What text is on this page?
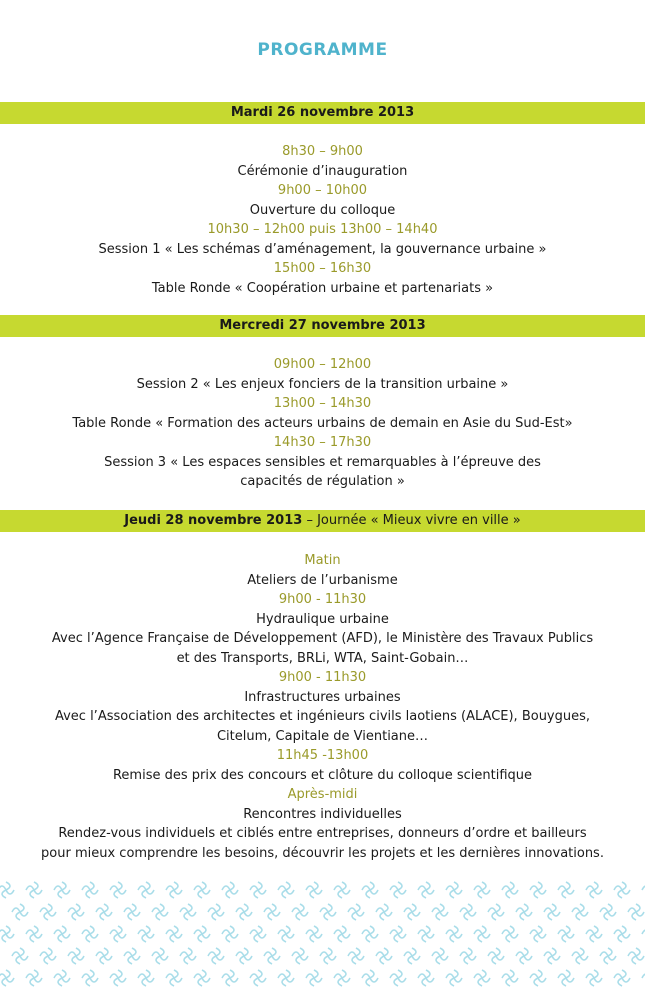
PROGRAMME
Mardi 26 novembre 2013
8h30 – 9h00
Cérémonie d’inauguration
9h00 – 10h00
Ouverture du colloque
10h30 – 12h00 puis 13h00 – 14h40
Session 1 « Les schémas d’aménagement, la gouvernance urbaine »
15h00 – 16h30
Table Ronde « Coopération urbaine et partenariats »
Mercredi 27 novembre 2013
09h00 – 12h00
Session 2 « Les enjeux fonciers de la transition urbaine »
13h00 – 14h30
Table Ronde « Formation des acteurs urbains de demain en Asie du Sud-Est»
14h30 – 17h30
Session 3 « Les espaces sensibles et remarquables à l’épreuve des
capacités de régulation »
Jeudi 28 novembre 2013 – Journée « Mieux vivre en ville »
Matin
Ateliers de l’urbanisme
9h00 - 11h30
Hydraulique urbaine
Avec l’Agence Française de Développement (AFD), le Ministère des Travaux Publics
et des Transports, BRLi, WTA, Saint-Gobain…
9h00 - 11h30
Infrastructures urbaines
Avec l’Association des architectes et ingénieurs civils laotiens (ALACE), Bouygues,
Citelum, Capitale de Vientiane…
11h45 -13h00
Remise des prix des concours et clôture du colloque scientifique
Après-midi
Rencontres individuelles
Rendez-vous individuels et ciblés entre entreprises, donneurs d’ordre et bailleurs
pour mieux comprendre les besoins, découvrir les projets et les dernières innovations.
